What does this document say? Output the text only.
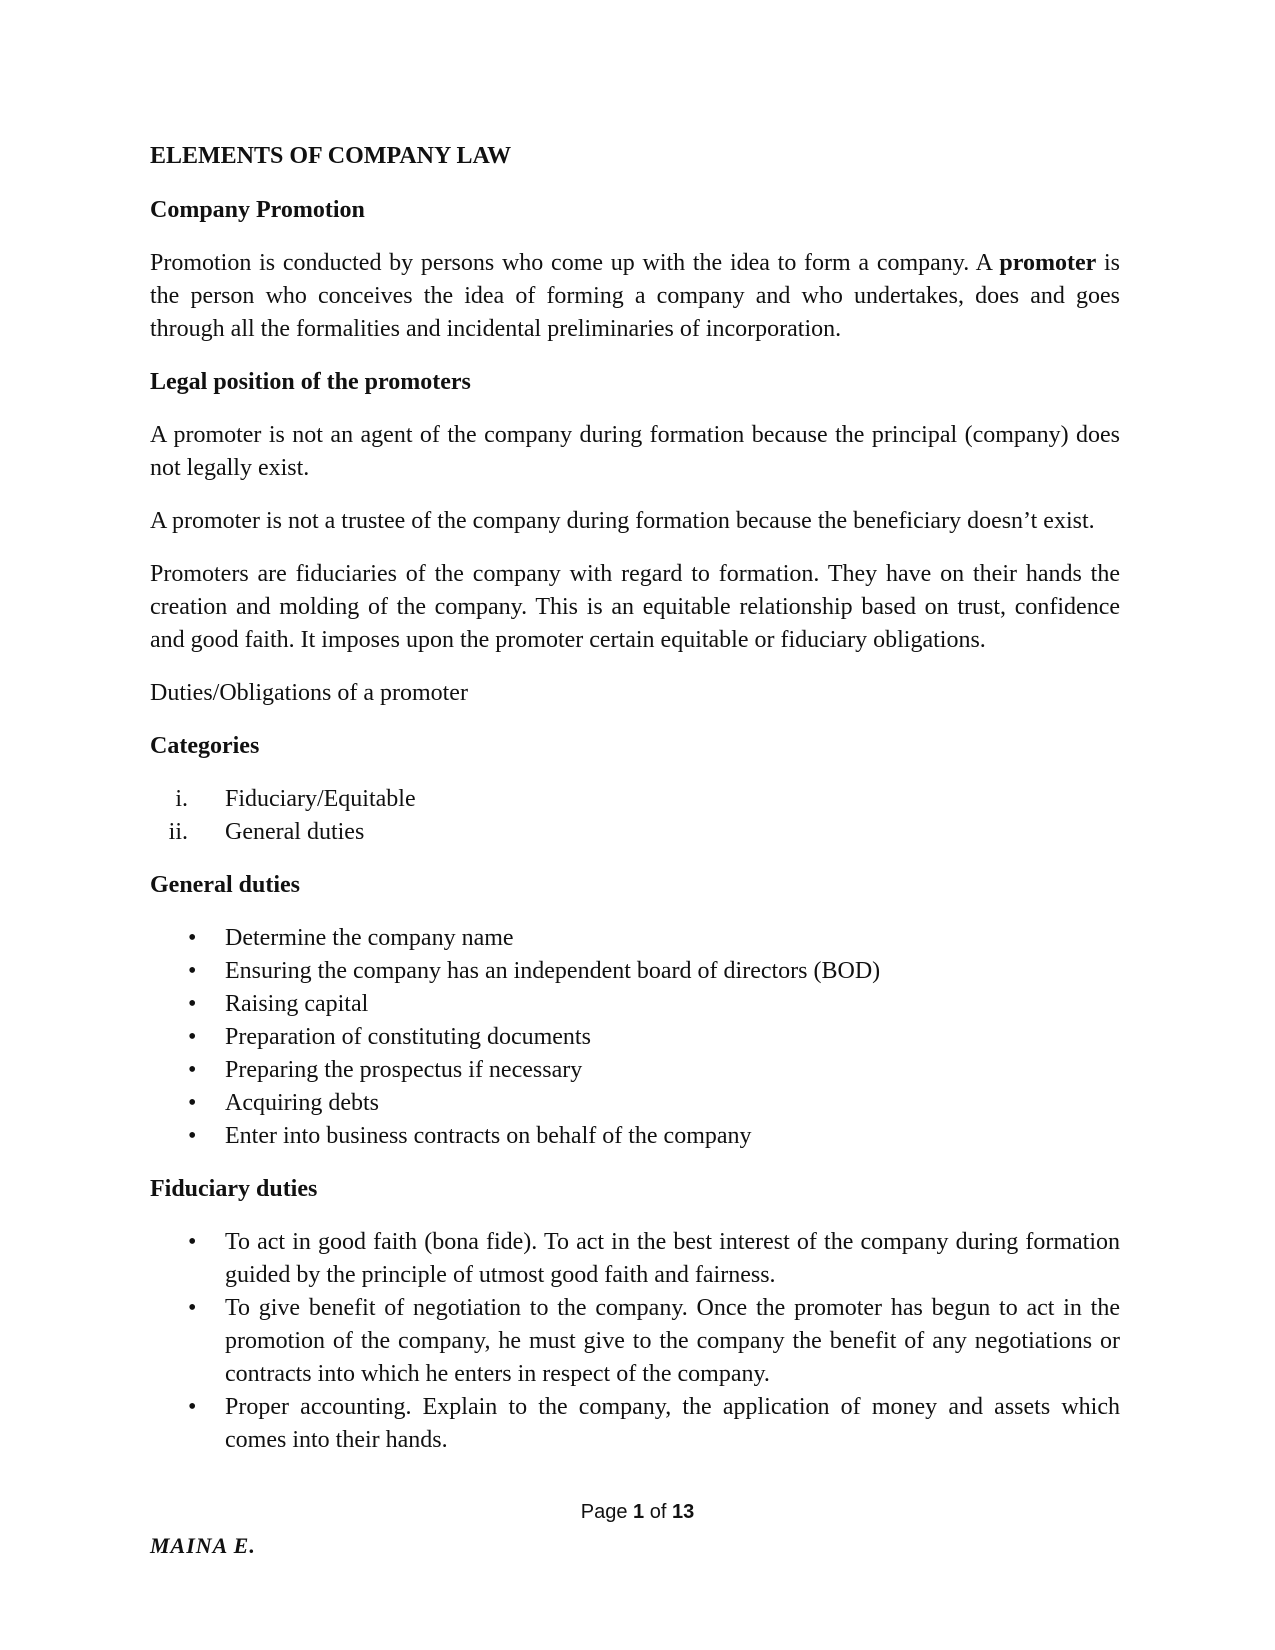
ELEMENTS OF COMPANY LAW
Company Promotion

Promotion is conducted by persons who come up with the idea to form a company. A promoter is the person who conceives the idea of forming a company and who undertakes, does and goes through all the formalities and incidental preliminaries of incorporation.

Legal position of the promoters

A promoter is not an agent of the company during formation because the principal (company) does not legally exist.

A promoter is not a trustee of the company during formation because the beneficiary doesn’t exist.

Promoters are fiduciaries of the company with regard to formation. They have on their hands the creation and molding of the company. This is an equitable relationship based on trust, confidence and good faith. It imposes upon the promoter certain equitable or fiduciary obligations.

Duties/Obligations of a promoter

Categories
i. Fiduciary/Equitable
ii. General duties
General duties
• Determine the company name
• Ensuring the company has an independent board of directors (BOD)
• Raising capital
• Preparation of constituting documents
• Preparing the prospectus if necessary
• Acquiring debts
• Enter into business contracts on behalf of the company
Fiduciary duties
• To act in good faith (bona fide). To act in the best interest of the company during formation guided by the principle of utmost good faith and fairness.
• To give benefit of negotiation to the company. Once the promoter has begun to act in the promotion of the company, he must give to the company the benefit of any negotiations or contracts into which he enters in respect of the company.
• Proper accounting. Explain to the company, the application of money and assets which comes into their hands.
Page 1 of 13
MAINA E.
